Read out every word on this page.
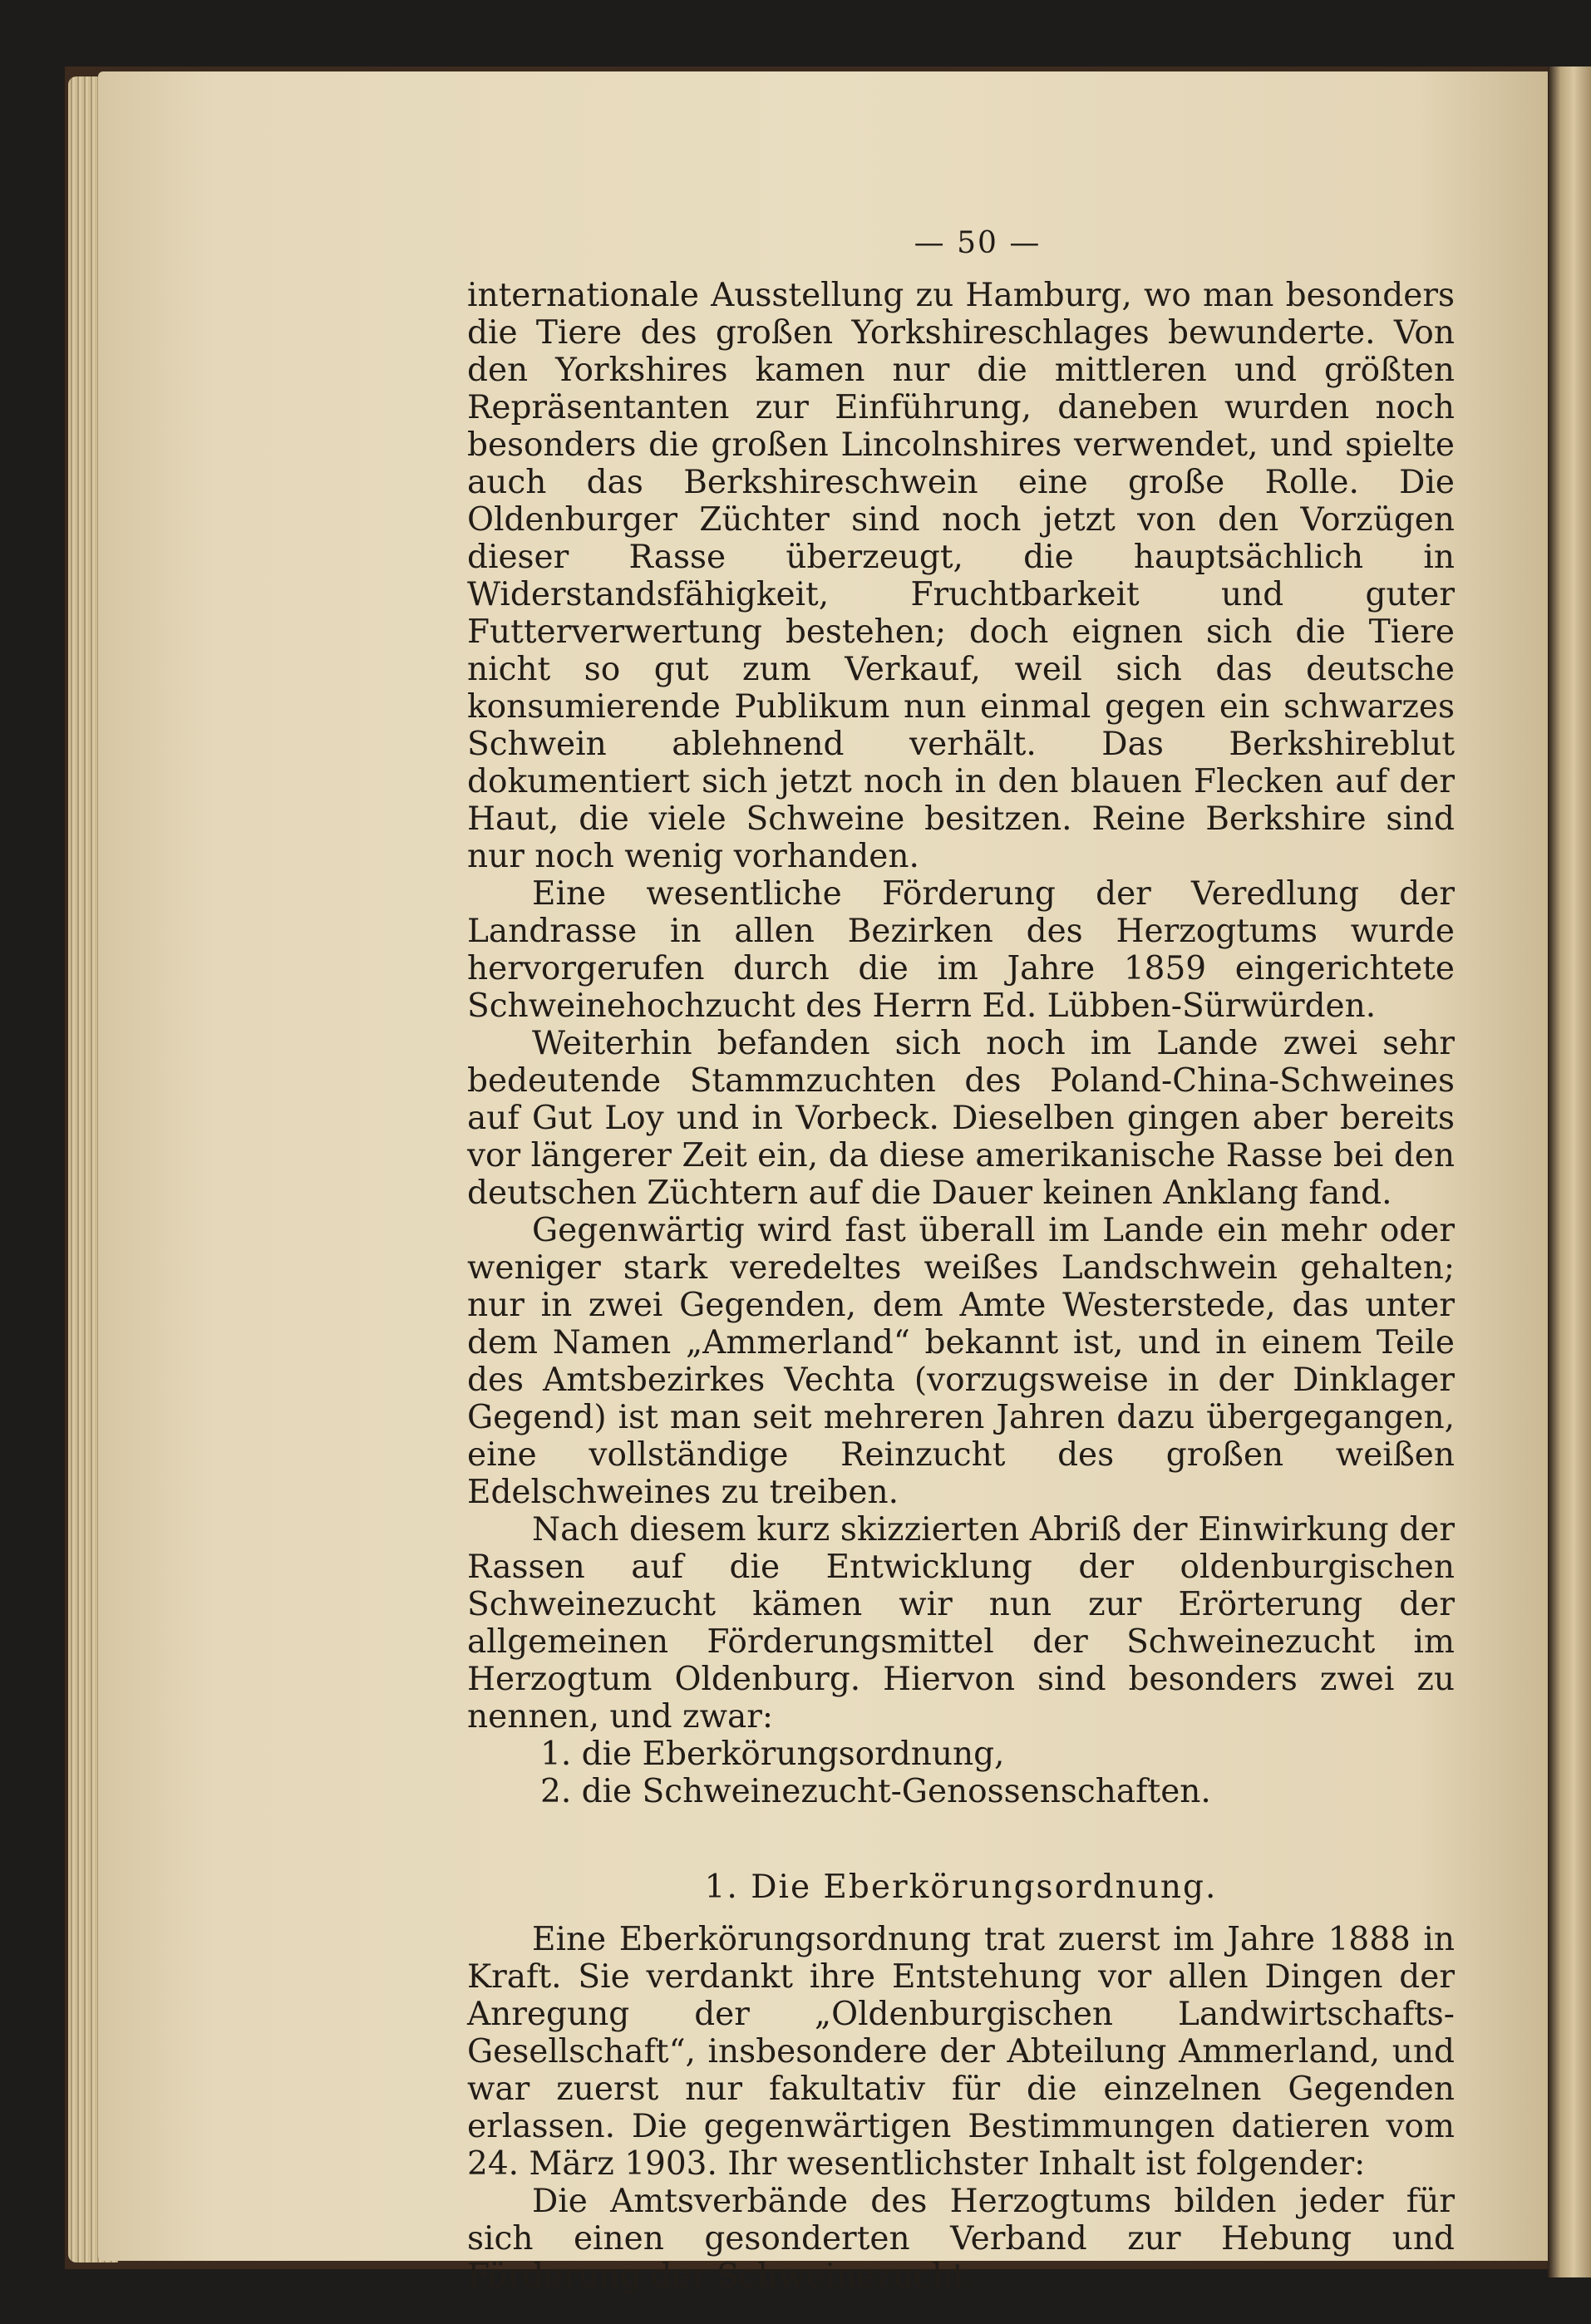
— 50 —

internationale Ausstellung zu Hamburg, wo man besonders die Tiere des großen Yorkshireschlages bewunderte. Von den Yorkshires kamen nur die mittleren und größten Repräsentanten zur Einführung, daneben wurden noch besonders die großen Lincolnshires verwendet, und spielte auch das Berkshireschwein eine große Rolle. Die Oldenburger Züchter sind noch jetzt von den Vorzügen dieser Rasse überzeugt, die hauptsächlich in Widerstandsfähigkeit, Fruchtbarkeit und guter Futterverwertung bestehen; doch eignen sich die Tiere nicht so gut zum Verkauf, weil sich das deutsche konsumierende Publikum nun einmal gegen ein schwarzes Schwein ablehnend verhält. Das Berkshireblut dokumentiert sich jetzt noch in den blauen Flecken auf der Haut, die viele Schweine besitzen. Reine Berkshire sind nur noch wenig vorhanden.

Eine wesentliche Förderung der Veredlung der Landrasse in allen Bezirken des Herzogtums wurde hervorgerufen durch die im Jahre 1859 eingerichtete Schweinehochzucht des Herrn Ed. Lübben-Sürwürden.

Weiterhin befanden sich noch im Lande zwei sehr bedeutende Stammzuchten des Poland-China-Schweines auf Gut Loy und in Vorbeck. Dieselben gingen aber bereits vor längerer Zeit ein, da diese amerikanische Rasse bei den deutschen Züchtern auf die Dauer keinen Anklang fand.

Gegenwärtig wird fast überall im Lande ein mehr oder weniger stark veredeltes weißes Landschwein gehalten; nur in zwei Gegenden, dem Amte Westerstede, das unter dem Namen „Ammerland“ bekannt ist, und in einem Teile des Amtsbezirkes Vechta (vorzugsweise in der Dinklager Gegend) ist man seit mehreren Jahren dazu übergegangen, eine vollständige Reinzucht des großen weißen Edelschweines zu treiben.

Nach diesem kurz skizzierten Abriß der Einwirkung der Rassen auf die Entwicklung der oldenburgischen Schweinezucht kämen wir nun zur Erörterung der allgemeinen Förderungsmittel der Schweinezucht im Herzogtum Oldenburg. Hiervon sind besonders zwei zu nennen, und zwar:

1. die Eberkörungsordnung,
2. die Schweinezucht-Genossenschaften.
1. Die Eberkörungsordnung.

Eine Eberkörungsordnung trat zuerst im Jahre 1888 in Kraft. Sie verdankt ihre Entstehung vor allen Dingen der Anregung der „Oldenburgischen Landwirtschafts-Gesellschaft“, insbesondere der Abteilung Ammerland, und war zuerst nur fakultativ für die einzelnen Gegenden erlassen. Die gegenwärtigen Bestimmungen datieren vom 24. März 1903. Ihr wesentlichster Inhalt ist folgender:

Die Amtsverbände des Herzogtums bilden jeder für sich einen gesonderten Verband zur Hebung und Förderung der Schweinezucht.
